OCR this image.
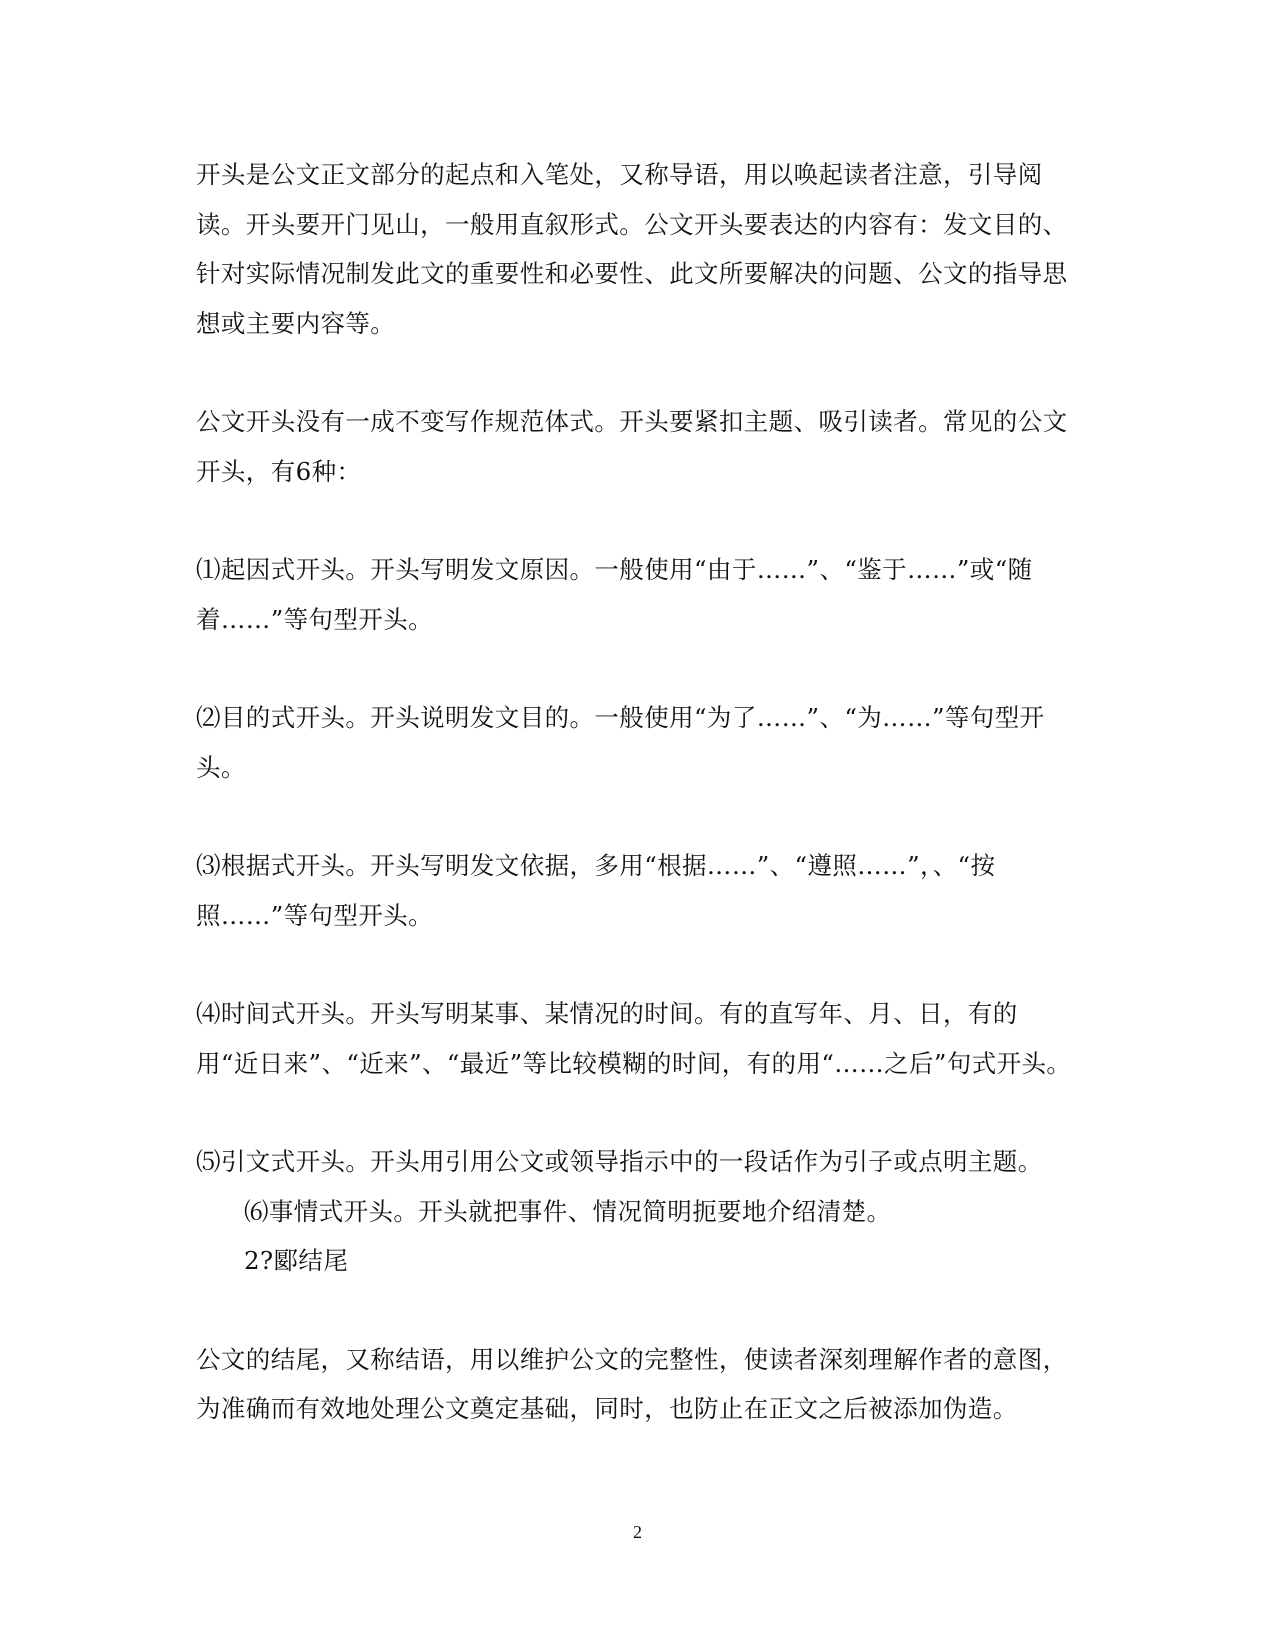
开头是公文正文部分的起点和入笔处，又称导语，用以唤起读者注意，引导阅读。开头要开门见山，一般用直叙形式。公文开头要表达的内容有：发文目的、针对实际情况制发此文的重要性和必要性、此文所要解决的问题、公文的指导思想或主要内容等。

公文开头没有一成不变写作规范体式。开头要紧扣主题、吸引读者。常见的公文开头，有6种：

⑴起因式开头。开头写明发文原因。一般使用“由于……”、“鉴于……”或“随着……”等句型开头。

⑵目的式开头。开头说明发文目的。一般使用“为了……”、“为……”等句型开头。

⑶根据式开头。开头写明发文依据，多用“根据……”、“遵照……”，、“按照……”等句型开头。

⑷时间式开头。开头写明某事、某情况的时间。有的直写年、月、日，有的用“近日来”、“近来”、“最近”等比较模糊的时间，有的用“……之后”句式开头。

⑸引文式开头。开头用引用公文或领导指示中的一段话作为引子或点明主题。

⑹事情式开头。开头就把事件、情况简明扼要地介绍清楚。

2?郾结尾

公文的结尾，又称结语，用以维护公文的完整性，使读者深刻理解作者的意图，为准确而有效地处理公文奠定基础，同时，也防止在正文之后被添加伪造。

2
